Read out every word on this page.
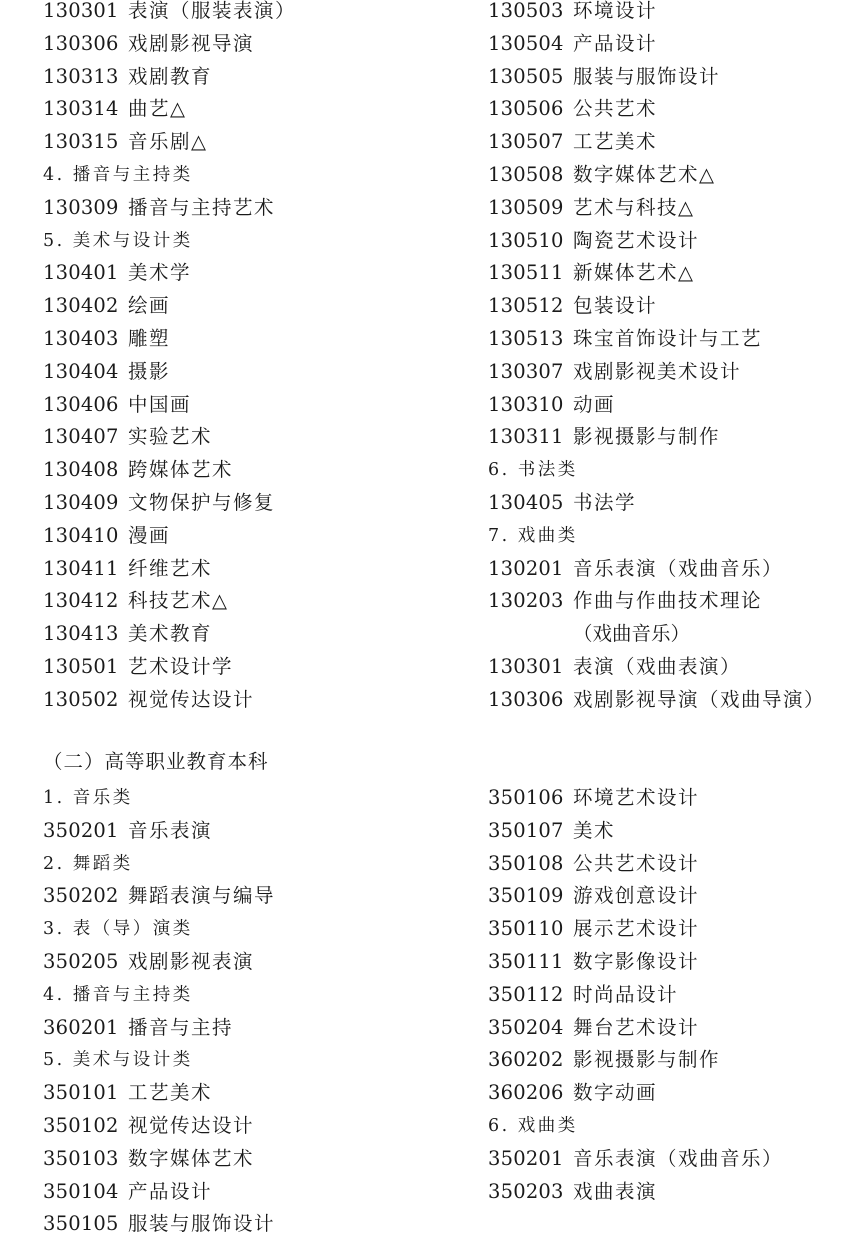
130301 表演（服装表演）
130306 戏剧影视导演
130313 戏剧教育
130314 曲艺△
130315 音乐剧△
4. 播音与主持类
130309 播音与主持艺术
5. 美术与设计类
130401 美术学
130402 绘画
130403 雕塑
130404 摄影
130406 中国画
130407 实验艺术
130408 跨媒体艺术
130409 文物保护与修复
130410 漫画
130411 纤维艺术
130412 科技艺术△
130413 美术教育
130501 艺术设计学
130502 视觉传达设计
130503 环境设计
130504 产品设计
130505 服装与服饰设计
130506 公共艺术
130507 工艺美术
130508 数字媒体艺术△
130509 艺术与科技△
130510 陶瓷艺术设计
130511 新媒体艺术△
130512 包装设计
130513 珠宝首饰设计与工艺
130307 戏剧影视美术设计
130310 动画
130311 影视摄影与制作
6. 书法类
130405 书法学
7. 戏曲类
130201 音乐表演（戏曲音乐）
130203 作曲与作曲技术理论
（戏曲音乐）
130301 表演（戏曲表演）
130306 戏剧影视导演（戏曲导演）
（二）高等职业教育本科
1. 音乐类
350201 音乐表演
2. 舞蹈类
350202 舞蹈表演与编导
3. 表（导）演类
350205 戏剧影视表演
4. 播音与主持类
360201 播音与主持
5. 美术与设计类
350101 工艺美术
350102 视觉传达设计
350103 数字媒体艺术
350104 产品设计
350105 服装与服饰设计
350106 环境艺术设计
350107 美术
350108 公共艺术设计
350109 游戏创意设计
350110 展示艺术设计
350111 数字影像设计
350112 时尚品设计
350204 舞台艺术设计
360202 影视摄影与制作
360206 数字动画
6. 戏曲类
350201 音乐表演（戏曲音乐）
350203 戏曲表演
